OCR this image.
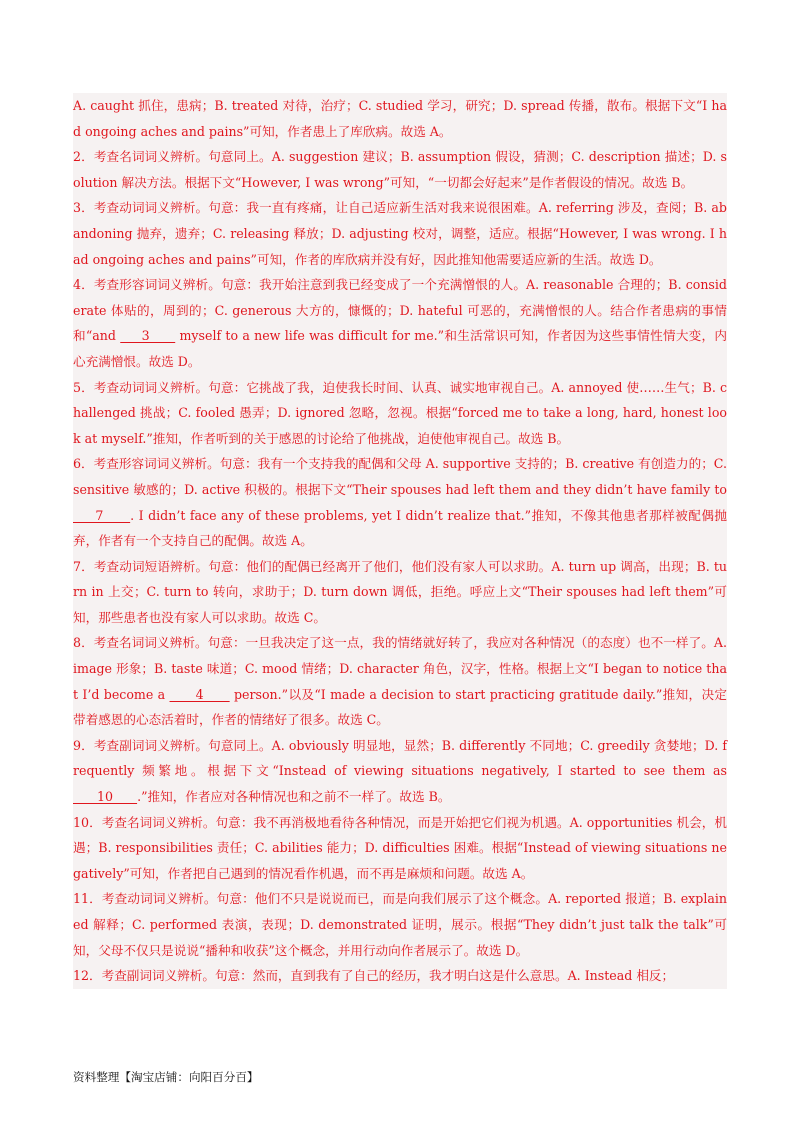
A. caught 抓住，患病；B. treated 对待，治疗；C. studied 学习，研究；D. spread 传播，散布。根据下文“I had ongoing aches and pains”可知，作者患上了库欣病。故选 A。

2．考查名词词义辨析。句意同上。A. suggestion 建议；B. assumption 假设，猜测；C. description 描述；D. solution 解决方法。根据下文“However, I was wrong”可知，“一切都会好起来”是作者假设的情况。故选 B。

3．考查动词词义辨析。句意：我一直有疼痛，让自己适应新生活对我来说很困难。A. referring 涉及，查阅；B. abandoning 抛弃，遗弃；C. releasing 释放；D. adjusting 校对，调整，适应。根据“However, I was wrong. I had ongoing aches and pains”可知，作者的库欣病并没有好，因此推知他需要适应新的生活。故选 D。

4．考查形容词词义辨析。句意：我开始注意到我已经变成了一个充满憎恨的人。A. reasonable 合理的；B. considerate 体贴的，周到的；C. generous 大方的，慷慨的；D. hateful 可恶的，充满憎恨的人。结合作者患病的事情和“and      3       myself to a new life was difficult for me.”和生活常识可知，作者因为这些事情性情大变，内心充满憎恨。故选 D。

5．考查动词词义辨析。句意：它挑战了我，迫使我长时间、认真、诚实地审视自己。A. annoyed 使……生气；B. challenged 挑战；C. fooled 愚弄；D. ignored 忽略，忽视。根据“forced me to take a long, hard, honest look at myself.”推知，作者听到的关于感恩的讨论给了他挑战，迫使他审视自己。故选 B。

6．考查形容词词义辨析。句意：我有一个支持我的配偶和父母 A. supportive 支持的；B. creative 有创造力的；C. sensitive 敏感的；D. active 积极的。根据下文“Their spouses had left them and they didn’t have family to      7      . I didn’t face any of these problems, yet I didn’t realize that.”推知，不像其他患者那样被配偶抛弃，作者有一个支持自己的配偶。故选 A。

7．考查动词短语辨析。句意：他们的配偶已经离开了他们，他们没有家人可以求助。A. turn up 调高，出现；B. turn in 上交；C. turn to 转向，求助于；D. turn down 调低，拒绝。呼应上文“Their spouses had left them”可知，那些患者也没有家人可以求助。故选 C。

8．考查名词词义辨析。句意：一旦我决定了这一点，我的情绪就好转了，我应对各种情况（的态度）也不一样了。A. image 形象；B. taste 味道；C. mood 情绪；D. character 角色，汉字，性格。根据上文“I began to notice that I’d become a       4       person.”以及“I made a decision to start practicing gratitude daily.”推知，决定带着感恩的心态活着时，作者的情绪好了很多。故选 C。

9．考查副词词义辨析。句意同上。A. obviously 明显地，显然；B. differently 不同地；C. greedily 贪婪地；D. frequently 频繁地。根据下文“Instead of viewing situations negatively, I started to see them as       10      .”推知，作者应对各种情况也和之前不一样了。故选 B。

10．考查名词词义辨析。句意：我不再消极地看待各种情况，而是开始把它们视为机遇。A. opportunities 机会，机遇；B. responsibilities 责任；C. abilities 能力；D. difficulties 困难。根据“Instead of viewing situations negatively”可知，作者把自己遇到的情况看作机遇，而不再是麻烦和问题。故选 A。

11．考查动词词义辨析。句意：他们不只是说说而已，而是向我们展示了这个概念。A. reported 报道；B. explained 解释；C. performed 表演，表现；D. demonstrated 证明，展示。根据“They didn’t just talk the talk”可知，父母不仅只是说说“播种和收获”这个概念，并用行动向作者展示了。故选 D。

12．考查副词词义辨析。句意：然而，直到我有了自己的经历，我才明白这是什么意思。A. Instead 相反；

资料整理【淘宝店铺：向阳百分百】
